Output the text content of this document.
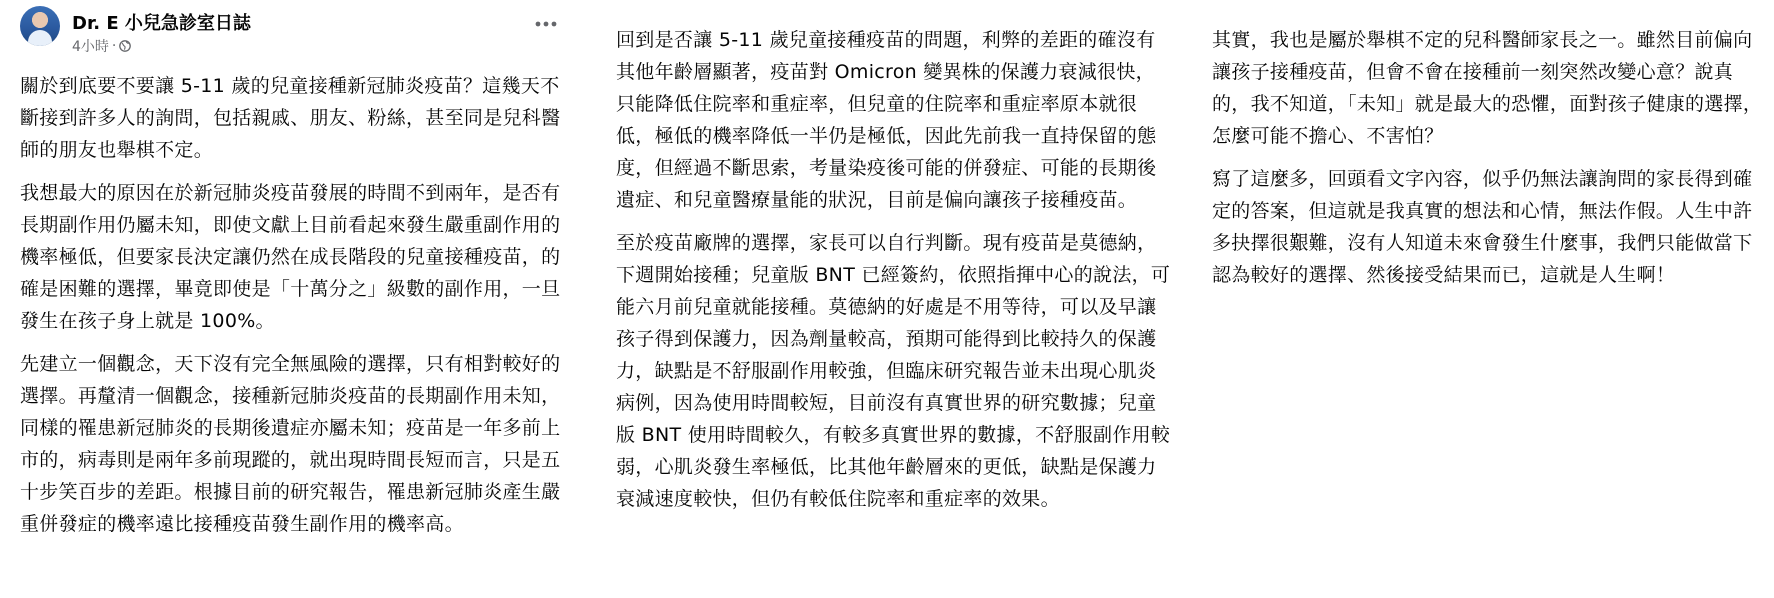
Dr. E 小兒急診室日誌
4小時 ·

關於到底要不要讓 5-11 歲的兒童接種新冠肺炎疫苗？這幾天不斷接到許多人的詢問，包括親戚、朋友、粉絲，甚至同是兒科醫師的朋友也舉棋不定。

我想最大的原因在於新冠肺炎疫苗發展的時間不到兩年，是否有長期副作用仍屬未知，即使文獻上目前看起來發生嚴重副作用的機率極低，但要家長決定讓仍然在成長階段的兒童接種疫苗，的確是困難的選擇，畢竟即使是「十萬分之」級數的副作用，一旦發生在孩子身上就是 100%。

先建立一個觀念，天下沒有完全無風險的選擇，只有相對較好的選擇。再釐清一個觀念，接種新冠肺炎疫苗的長期副作用未知，同樣的罹患新冠肺炎的長期後遺症亦屬未知；疫苗是一年多前上市的，病毒則是兩年多前現蹤的，就出現時間長短而言，只是五十步笑百步的差距。根據目前的研究報告，罹患新冠肺炎產生嚴重併發症的機率遠比接種疫苗發生副作用的機率高。

回到是否讓 5-11 歲兒童接種疫苗的問題，利弊的差距的確沒有其他年齡層顯著，疫苗對 Omicron 變異株的保護力衰減很快，只能降低住院率和重症率，但兒童的住院率和重症率原本就很低，極低的機率降低一半仍是極低，因此先前我一直持保留的態度，但經過不斷思索，考量染疫後可能的併發症、可能的長期後遺症、和兒童醫療量能的狀況，目前是偏向讓孩子接種疫苗。

至於疫苗廠牌的選擇，家長可以自行判斷。現有疫苗是莫德納，下週開始接種；兒童版 BNT 已經簽約，依照指揮中心的說法，可能六月前兒童就能接種。莫德納的好處是不用等待，可以及早讓孩子得到保護力，因為劑量較高，預期可能得到比較持久的保護力，缺點是不舒服副作用較強，但臨床研究報告並未出現心肌炎病例，因為使用時間較短，目前沒有真實世界的研究數據；兒童版 BNT 使用時間較久，有較多真實世界的數據，不舒服副作用較弱，心肌炎發生率極低，比其他年齡層來的更低，缺點是保護力衰減速度較快，但仍有較低住院率和重症率的效果。

其實，我也是屬於舉棋不定的兒科醫師家長之一。雖然目前偏向讓孩子接種疫苗，但會不會在接種前一刻突然改變心意？說真的，我不知道，「未知」就是最大的恐懼，面對孩子健康的選擇，怎麼可能不擔心、不害怕？

寫了這麼多，回頭看文字內容，似乎仍無法讓詢問的家長得到確定的答案，但這就是我真實的想法和心情，無法作假。人生中許多抉擇很艱難，沒有人知道未來會發生什麼事，我們只能做當下認為較好的選擇、然後接受結果而已，這就是人生啊！
